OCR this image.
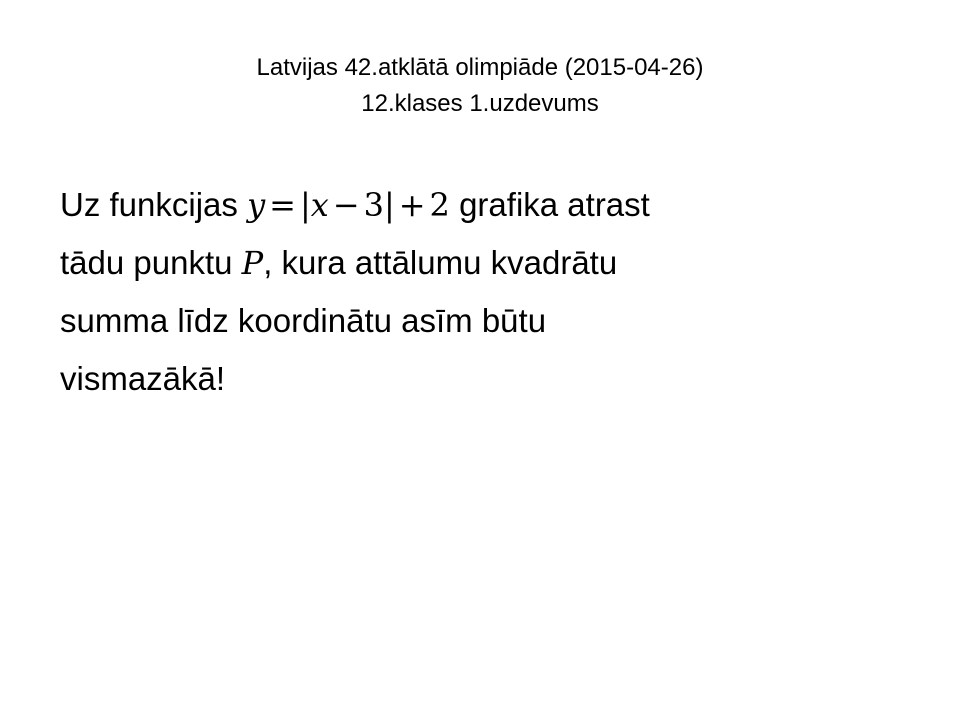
Latvijas 42.atklātā olimpiāde (2015-04-26)
12.klases 1.uzdevums
Uz funkcijas y = |x − 3| + 2 grafika atrast
tādu punktu P, kura attālumu kvadrātu
summa līdz koordinātu asīm būtu
vismazākā!
